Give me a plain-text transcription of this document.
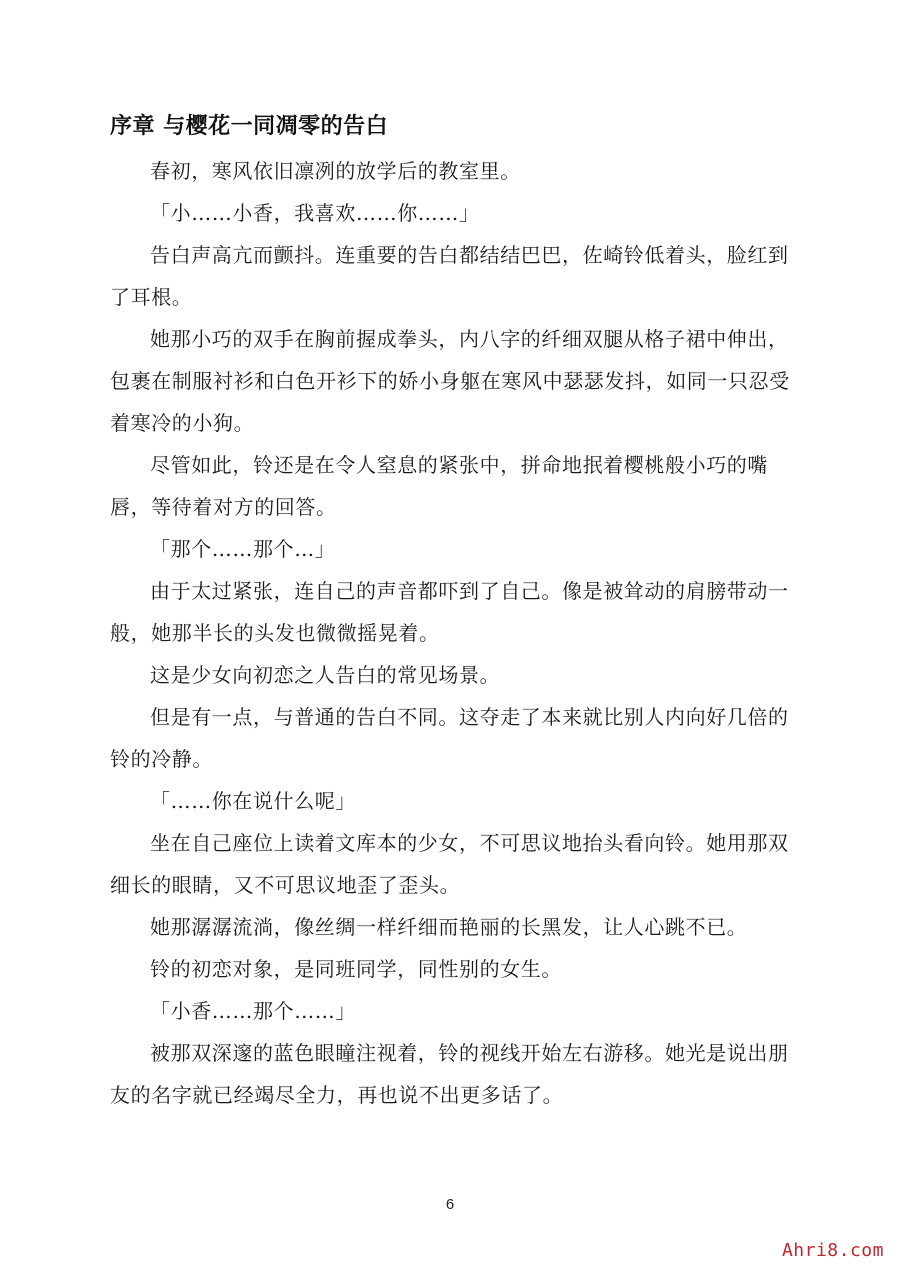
序章 与樱花一同凋零的告白

春初，寒风依旧凛冽的放学后的教室里。

「小……小香，我喜欢……你……」

告白声高亢而颤抖。连重要的告白都结结巴巴，佐崎铃低着头，脸红到了耳根。

她那小巧的双手在胸前握成拳头，内八字的纤细双腿从格子裙中伸出，包裹在制服衬衫和白色开衫下的娇小身躯在寒风中瑟瑟发抖，如同一只忍受着寒冷的小狗。

尽管如此，铃还是在令人窒息的紧张中，拼命地抿着樱桃般小巧的嘴唇，等待着对方的回答。

「那个……那个…」

由于太过紧张，连自己的声音都吓到了自己。像是被耸动的肩膀带动一般，她那半长的头发也微微摇晃着。

这是少女向初恋之人告白的常见场景。

但是有一点，与普通的告白不同。这夺走了本来就比别人内向好几倍的铃的冷静。

「……你在说什么呢」

坐在自己座位上读着文库本的少女，不可思议地抬头看向铃。她用那双细长的眼睛，又不可思议地歪了歪头。

她那潺潺流淌，像丝绸一样纤细而艳丽的长黑发，让人心跳不已。

铃的初恋对象，是同班同学，同性别的女生。

「小香……那个……」

被那双深邃的蓝色眼瞳注视着，铃的视线开始左右游移。她光是说出朋友的名字就已经竭尽全力，再也说不出更多话了。

6
Ahri8.com
